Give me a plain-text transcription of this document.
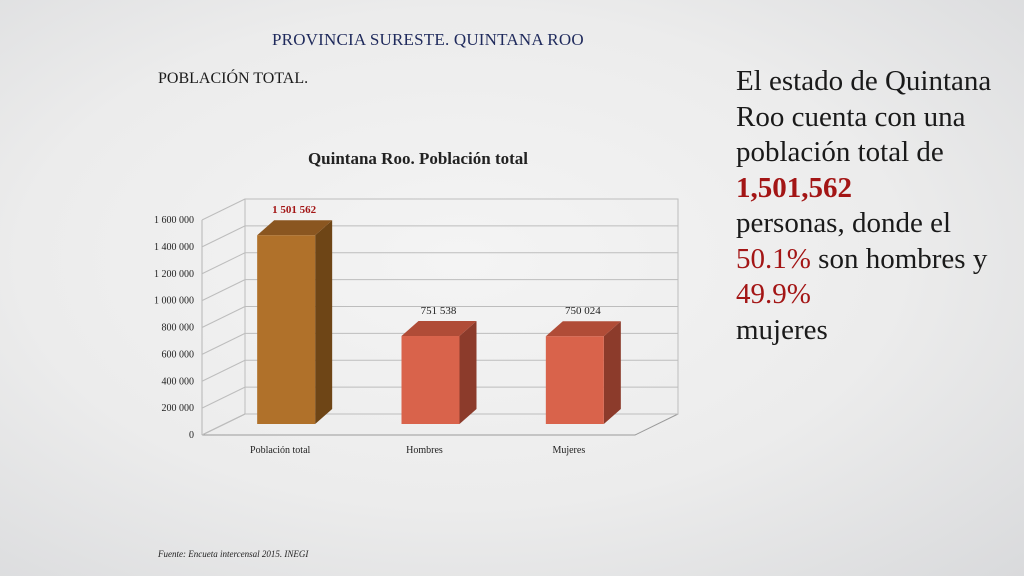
PROVINCIA SURESTE. QUINTANA ROO
POBLACIÓN TOTAL.
Quintana Roo. Población total
0
200 000
400 000
600 000
800 000
1 000 000
1 200 000
1 400 000
1 600 000
1 501 562
Población total
751 538
Hombres
750 024
Mujeres
El estado de Quintana Roo cuenta con una población total de
1,501,562
personas, donde el
50.1% son hombres y
49.9%
mujeres
Fuente: Encueta intercensal 2015. INEGI
